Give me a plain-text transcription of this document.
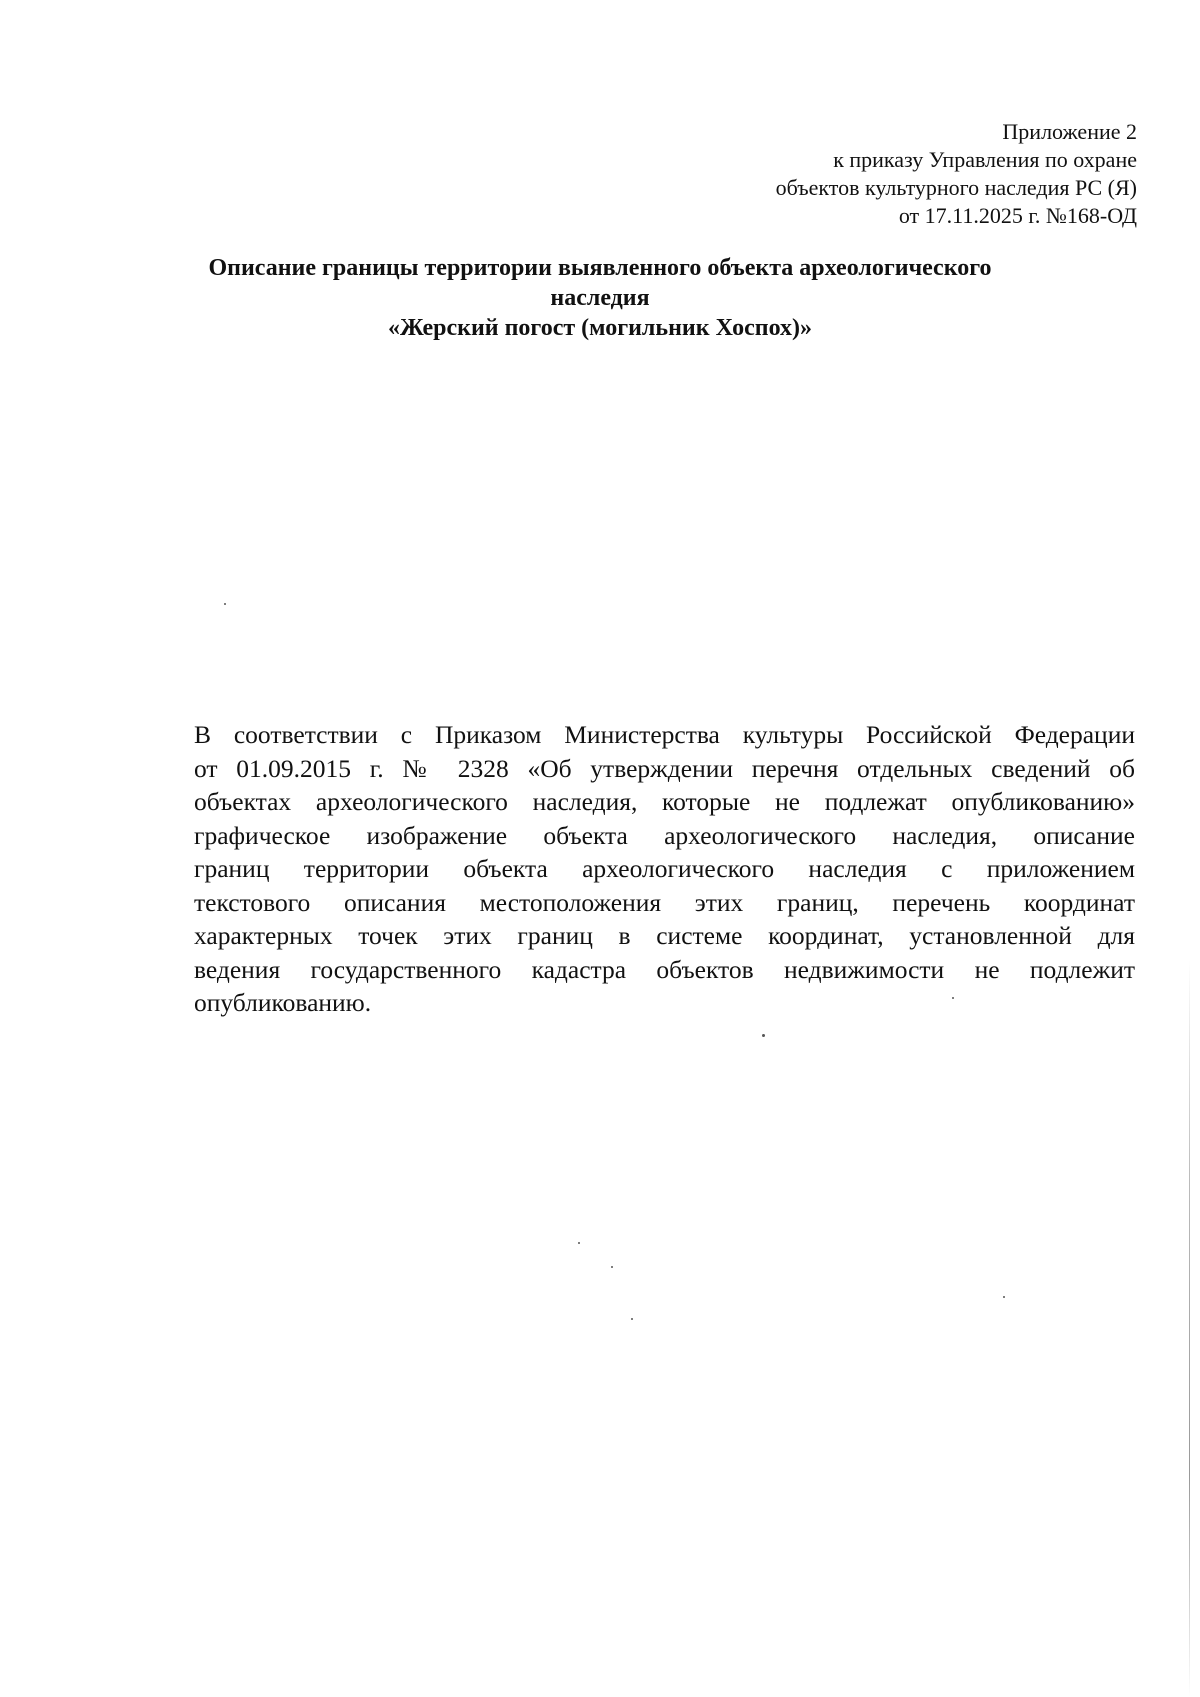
Приложение 2
к приказу Управления по охране
объектов культурного наследия РС (Я)
от 17.11.2025 г. №168-ОД
Описание границы территории выявленного объекта археологического
наследия
«Жерский погост (могильник Хоспох)»
В соответствии с Приказом Министерства культуры Российской Федерации
от 01.09.2015 г. № 2328 «Об утверждении перечня отдельных сведений об
объектах археологического наследия, которые не подлежат опубликованию»
графическое изображение объекта археологического наследия, описание
границ территории объекта археологического наследия с приложением
текстового описания местоположения этих границ, перечень координат
характерных точек этих границ в системе координат, установленной для
ведения государственного кадастра объектов недвижимости не подлежит
опубликованию.
